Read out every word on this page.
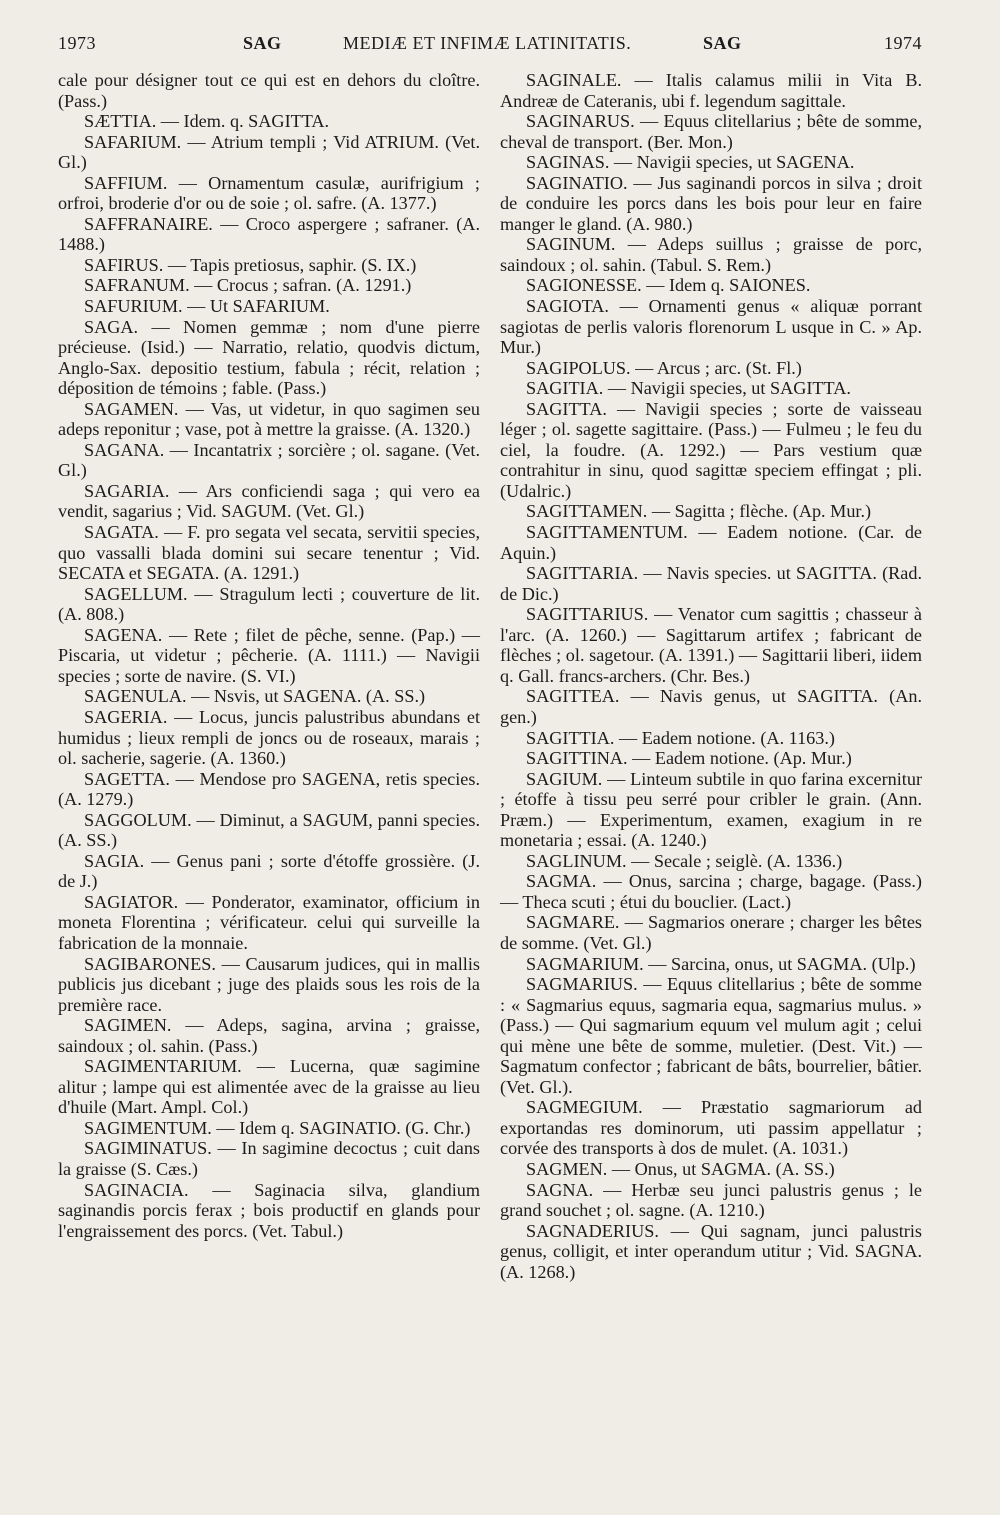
1973	SAG	MEDIÆ ET INFIMÆ LATINITATIS.	SAG	1974

cale pour désigner tout ce qui est en dehors du cloître. (Pass.)

SÆTTIA. — Idem. q. SAGITTA.

SAFARIUM. — Atrium templi ; Vid ATRIUM. (Vet. Gl.)

SAFFIUM. — Ornamentum casulæ, aurifrigium ; orfroi, broderie d'or ou de soie ; ol. safre. (A. 1377.)

SAFFRANAIRE. — Croco aspergere ; safraner. (A. 1488.)

SAFIRUS. — Tapis pretiosus, saphir. (S. IX.)

SAFRANUM. — Crocus ; safran. (A. 1291.)

SAFURIUM. — Ut SAFARIUM.

SAGA. — Nomen gemmæ ; nom d'une pierre précieuse. (Isid.) — Narratio, relatio, quodvis dictum, Anglo-Sax. depositio testium, fabula ; récit, relation ; déposition de témoins ; fable. (Pass.)

SAGAMEN. — Vas, ut videtur, in quo sagimen seu adeps reponitur ; vase, pot à mettre la graisse. (A. 1320.)

SAGANA. — Incantatrix ; sorcière ; ol. sagane. (Vet. Gl.)

SAGARIA. — Ars conficiendi saga ; qui vero ea vendit, sagarius ; Vid. SAGUM. (Vet. Gl.)

SAGATA. — F. pro segata vel secata, servitii species, quo vassalli blada domini sui secare tenentur ; Vid. SECATA et SEGATA. (A. 1291.)

SAGELLUM. — Stragulum lecti ; couverture de lit. (A. 808.)

SAGENA. — Rete ; filet de pêche, senne. (Pap.) — Piscaria, ut videtur ; pêcherie. (A. 1111.) — Navigii species ; sorte de navire. (S. VI.)

SAGENULA. — Nsvis, ut SAGENA. (A. SS.)

SAGERIA. — Locus, juncis palustribus abundans et humidus ; lieux rempli de joncs ou de roseaux, marais ; ol. sacherie, sagerie. (A. 1360.)

SAGETTA. — Mendose pro SAGENA, retis species. (A. 1279.)

SAGGOLUM. — Diminut, a SAGUM, panni species. (A. SS.)

SAGIA. — Genus pani ; sorte d'étoffe grossière. (J. de J.)

SAGIATOR. — Ponderator, examinator, officium in moneta Florentina ; vérificateur. celui qui surveille la fabrication de la monnaie.

SAGIBARONES. — Causarum judices, qui in mallis publicis jus dicebant ; juge des plaids sous les rois de la première race.

SAGIMEN. — Adeps, sagina, arvina ; graisse, saindoux ; ol. sahin. (Pass.)

SAGIMENTARIUM. — Lucerna, quæ sagimine alitur ; lampe qui est alimentée avec de la graisse au lieu d'huile (Mart. Ampl. Col.)

SAGIMENTUM. — Idem q. SAGINATIO. (G. Chr.)

SAGIMINATUS. — In sagimine decoctus ; cuit dans la graisse (S. Cæs.)

SAGINACIA. — Saginacia silva, glandium saginandis porcis ferax ; bois productif en glands pour l'engraissement des porcs. (Vet. Tabul.)

SAGINALE. — Italis calamus milii in Vita B. Andreæ de Cateranis, ubi f. legendum sagittale.

SAGINARUS. — Equus clitellarius ; bête de somme, cheval de transport. (Ber. Mon.)

SAGINAS. — Navigii species, ut SAGENA.

SAGINATIO. — Jus saginandi porcos in silva ; droit de conduire les porcs dans les bois pour leur en faire manger le gland. (A. 980.)

SAGINUM. — Adeps suillus ; graisse de porc, saindoux ; ol. sahin. (Tabul. S. Rem.)

SAGIONESSE. — Idem q. SAIONES.

SAGIOTA. — Ornamenti genus « aliquæ porrant sagiotas de perlis valoris florenorum L usque in C. » Ap. Mur.)

SAGIPOLUS. — Arcus ; arc. (St. Fl.)

SAGITIA. — Navigii species, ut SAGITTA.

SAGITTA. — Navigii species ; sorte de vaisseau léger ; ol. sagette sagittaire. (Pass.) — Fulmeu ; le feu du ciel, la foudre. (A. 1292.) — Pars vestium quæ contrahitur in sinu, quod sagittæ speciem effingat ; pli. (Udalric.)

SAGITTAMEN. — Sagitta ; flèche. (Ap. Mur.)

SAGITTAMENTUM. — Eadem notione. (Car. de Aquin.)

SAGITTARIA. — Navis species. ut SAGITTA. (Rad. de Dic.)

SAGITTARIUS. — Venator cum sagittis ; chasseur à l'arc. (A. 1260.) — Sagittarum artifex ; fabricant de flèches ; ol. sagetour. (A. 1391.) — Sagittarii liberi, iidem q. Gall. francs-archers. (Chr. Bes.)

SAGITTEA. — Navis genus, ut SAGITTA. (An. gen.)

SAGITTIA. — Eadem notione. (A. 1163.)

SAGITTINA. — Eadem notione. (Ap. Mur.)

SAGIUM. — Linteum subtile in quo farina excernitur ; étoffe à tissu peu serré pour cribler le grain. (Ann. Præm.) — Experimentum, examen, exagium in re monetaria ; essai. (A. 1240.)

SAGLINUM. — Secale ; seiglè. (A. 1336.)

SAGMA. — Onus, sarcina ; charge, bagage. (Pass.) — Theca scuti ; étui du bouclier. (Lact.)

SAGMARE. — Sagmarios onerare ; charger les bêtes de somme. (Vet. Gl.)

SAGMARIUM. — Sarcina, onus, ut SAGMA. (Ulp.)

SAGMARIUS. — Equus clitellarius ; bête de somme : « Sagmarius equus, sagmaria equa, sagmarius mulus. » (Pass.) — Qui sagmarium equum vel mulum agit ; celui qui mène une bête de somme, muletier. (Dest. Vit.) — Sagmatum confector ; fabricant de bâts, bourrelier, bâtier. (Vet. Gl.).

SAGMEGIUM. — Præstatio sagmariorum ad exportandas res dominorum, uti passim appellatur ; corvée des transports à dos de mulet. (A. 1031.)

SAGMEN. — Onus, ut SAGMA. (A. SS.)

SAGNA. — Herbæ seu junci palustris genus ; le grand souchet ; ol. sagne. (A. 1210.)

SAGNADERIUS. — Qui sagnam, junci palustris genus, colligit, et inter operandum utitur ; Vid. SAGNA. (A. 1268.)
